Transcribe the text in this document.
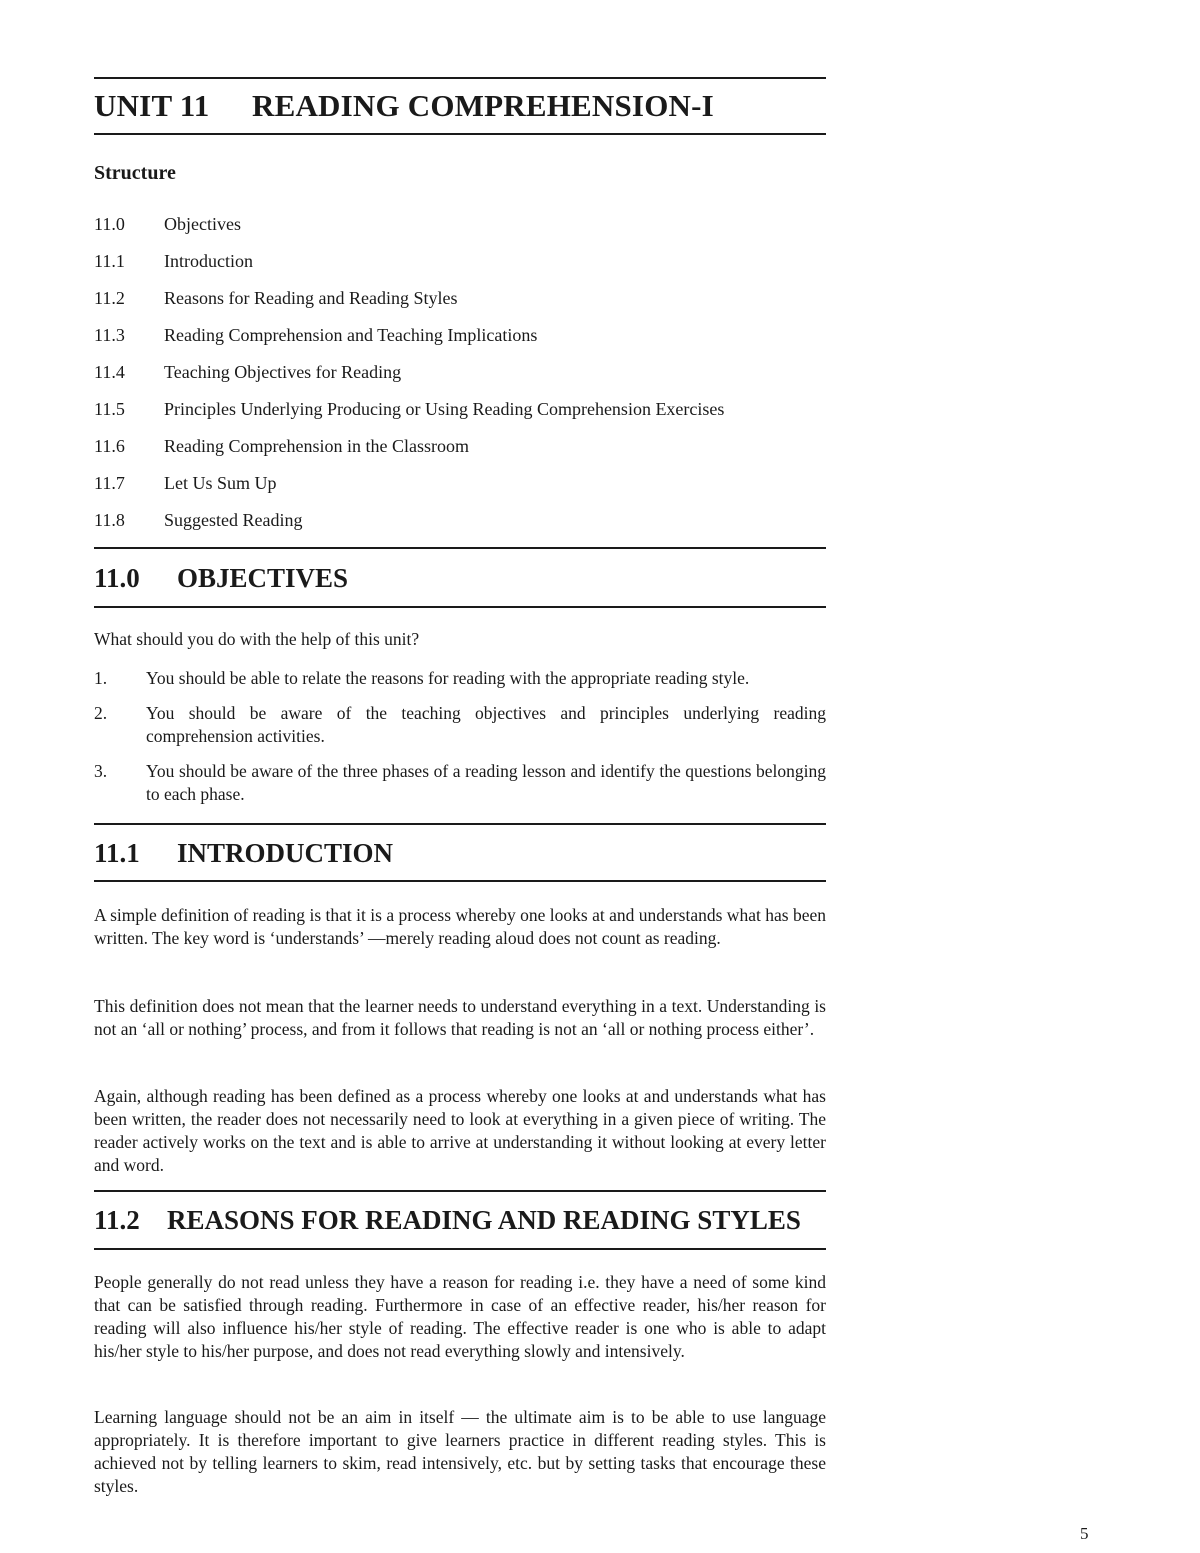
UNIT 11 READING COMPREHENSION-I
Structure
11.0 Objectives
11.1 Introduction
11.2 Reasons for Reading and Reading Styles
11.3 Reading Comprehension and Teaching Implications
11.4 Teaching Objectives for Reading
11.5 Principles Underlying Producing or Using Reading Comprehension Exercises
11.6 Reading Comprehension in the Classroom
11.7 Let Us Sum Up
11.8 Suggested Reading
11.0 OBJECTIVES

What should you do with the help of this unit?

1.	You should be able to relate the reasons for reading with the appropriate reading style.
2.	You should be aware of the teaching objectives and principles underlying reading comprehension activities.
3.	You should be aware of the three phases of a reading lesson and identify the questions belonging to each phase.
11.1 INTRODUCTION

A simple definition of reading is that it is a process whereby one looks at and understands what has been written. The key word is ‘understands’ —merely reading aloud does not count as reading.

This definition does not mean that the learner needs to understand everything in a text. Understanding is not an ‘all or nothing’ process, and from it follows that reading is not an ‘all or nothing process either’.

Again, although reading has been defined as a process whereby one looks at and understands what has been written, the reader does not necessarily need to look at everything in a given piece of writing. The reader actively works on the text and is able to arrive at understanding it without looking at every letter and word.

11.2 REASONS FOR READING AND READING STYLES

People generally do not read unless they have a reason for reading i.e. they have a need of some kind that can be satisfied through reading. Furthermore in case of an effective reader, his/her reason for reading will also influence his/her style of reading. The effective reader is one who is able to adapt his/her style to his/her purpose, and does not read everything slowly and intensively.

Learning language should not be an aim in itself — the ultimate aim is to be able to use language appropriately. It is therefore important to give learners practice in different reading styles. This is achieved not by telling learners to skim, read intensively, etc. but by setting tasks that encourage these styles.

5
